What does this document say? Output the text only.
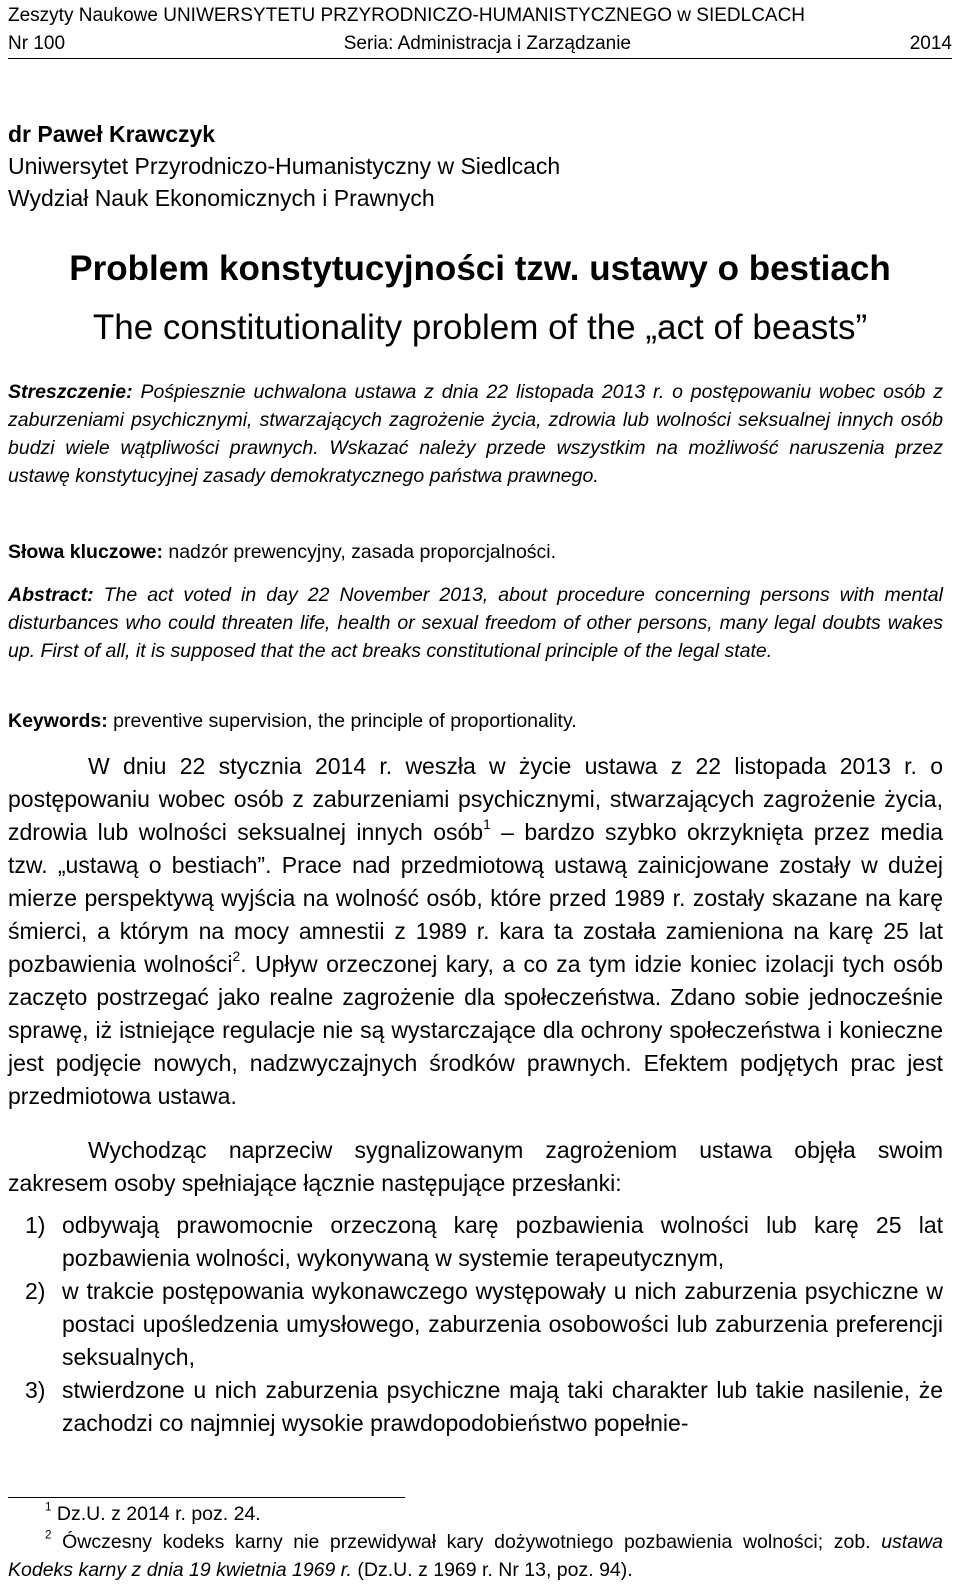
Zeszyty Naukowe UNIWERSYTETU PRZYRODNICZO-HUMANISTYCZNEGO w SIEDLCACH
Nr 100	Seria: Administracja i Zarządzanie	2014
dr Paweł Krawczyk
Uniwersytet Przyrodniczo-Humanistyczny w Siedlcach
Wydział Nauk Ekonomicznych i Prawnych
Problem konstytucyjności tzw. ustawy o bestiach
The constitutionality problem of the „act of beasts”
Streszczenie: Pośpiesznie uchwalona ustawa z dnia 22 listopada 2013 r. o postępowaniu wobec osób z zaburzeniami psychicznymi, stwarzających zagrożenie życia, zdrowia lub wolności seksualnej innych osób budzi wiele wątpliwości prawnych. Wskazać należy przede wszystkim na możliwość naruszenia przez ustawę konstytucyjnej zasady demokratycznego państwa prawnego.
Słowa kluczowe: nadzór prewencyjny, zasada proporcjalności.
Abstract: The act voted in day 22 November 2013, about procedure concerning persons with mental disturbances who could threaten life, health or sexual freedom of other persons, many legal doubts wakes up. First of all, it is supposed that the act breaks constitutional principle of the legal state.
Keywords: preventive supervision, the principle of proportionality.
W dniu 22 stycznia 2014 r. weszła w życie ustawa z 22 listopada 2013 r. o postępowaniu wobec osób z zaburzeniami psychicznymi, stwarzających zagrożenie życia, zdrowia lub wolności seksualnej innych osób$^1$ – bardzo szybko okrzyknięta przez media tzw. „ustawą o bestiach”. Prace nad przedmiotową ustawą zainicjowane zostały w dużej mierze perspektywą wyjścia na wolność osób, które przed 1989 r. zostały skazane na karę śmierci, a którym na mocy amnestii z 1989 r. kara ta została zamieniona na karę 25 lat pozbawienia wolności$^2$. Upływ orzeczonej kary, a co za tym idzie koniec izolacji tych osób zaczęto postrzegać jako realne zagrożenie dla społeczeństwa. Zdano sobie jednocześnie sprawę, iż istniejące regulacje nie są wystarczające dla ochrony społeczeństwa i konieczne jest podjęcie nowych, nadzwyczajnych środków prawnych. Efektem podjętych prac jest przedmiotowa ustawa.
Wychodząc naprzeciw sygnalizowanym zagrożeniom ustawa objęła swoim zakresem osoby spełniające łącznie następujące przesłanki:
1) odbywają prawomocnie orzeczoną karę pozbawienia wolności lub karę 25 lat pozbawienia wolności, wykonywaną w systemie terapeutycznym,
2) w trakcie postępowania wykonawczego występowały u nich zaburzenia psychiczne w postaci upośledzenia umysłowego, zaburzenia osobowości lub zaburzenia preferencji seksualnych,
3) stwierdzone u nich zaburzenia psychiczne mają taki charakter lub takie nasilenie, że zachodzi co najmniej wysokie prawdopodobieństwo popełnie-
$^1$ Dz.U. z 2014 r. poz. 24.
$^2$ Ówczesny kodeks karny nie przewidywał kary dożywotniego pozbawienia wolności; zob. ustawa Kodeks karny z dnia 19 kwietnia 1969 r. (Dz.U. z 1969 r. Nr 13, poz. 94).
